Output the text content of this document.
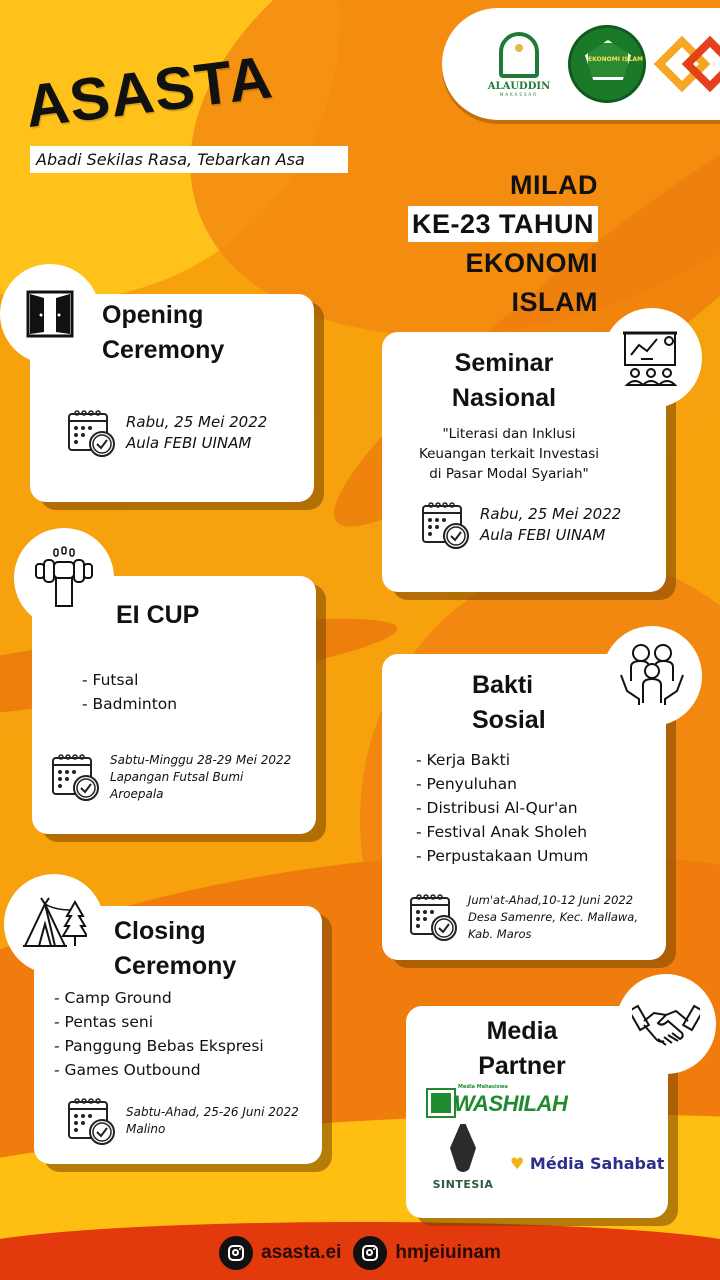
ALAUDDIN
MAKASSAR
EKONOMI ISLAM
ASASTA
Abadi Sekilas Rasa, Tebarkan Asa
MILAD
KE-23 TAHUN
EKONOMI
ISLAM
Opening
Ceremony
Rabu, 25 Mei 2022
Aula FEBI UINAM
Seminar
Nasional
"Literasi dan Inklusi
Keuangan terkait Investasi
di Pasar Modal Syariah"
Rabu, 25 Mei 2022
Aula FEBI UINAM
EI CUP
- Futsal
- Badminton
Sabtu-Minggu 28-29 Mei 2022
Lapangan Futsal Bumi
Aroepala
Bakti
Sosial
- Kerja Bakti
- Penyuluhan
- Distribusi Al-Qur'an
- Festival Anak Sholeh
- Perpustakaan Umum
Jum'at-Ahad,10-12 Juni 2022
Desa Samenre, Kec. Mallawa,
Kab. Maros
Closing
Ceremony
- Camp Ground
- Pentas seni
- Panggung Bebas Ekspresi
- Games Outbound
Sabtu-Ahad, 25-26 Juni 2022
Malino
Media
Partner
Media Mahasiswa
WASHILAH
SINTESIA
♥ Média Sahabat
asasta.ei	hmjeiuinam
